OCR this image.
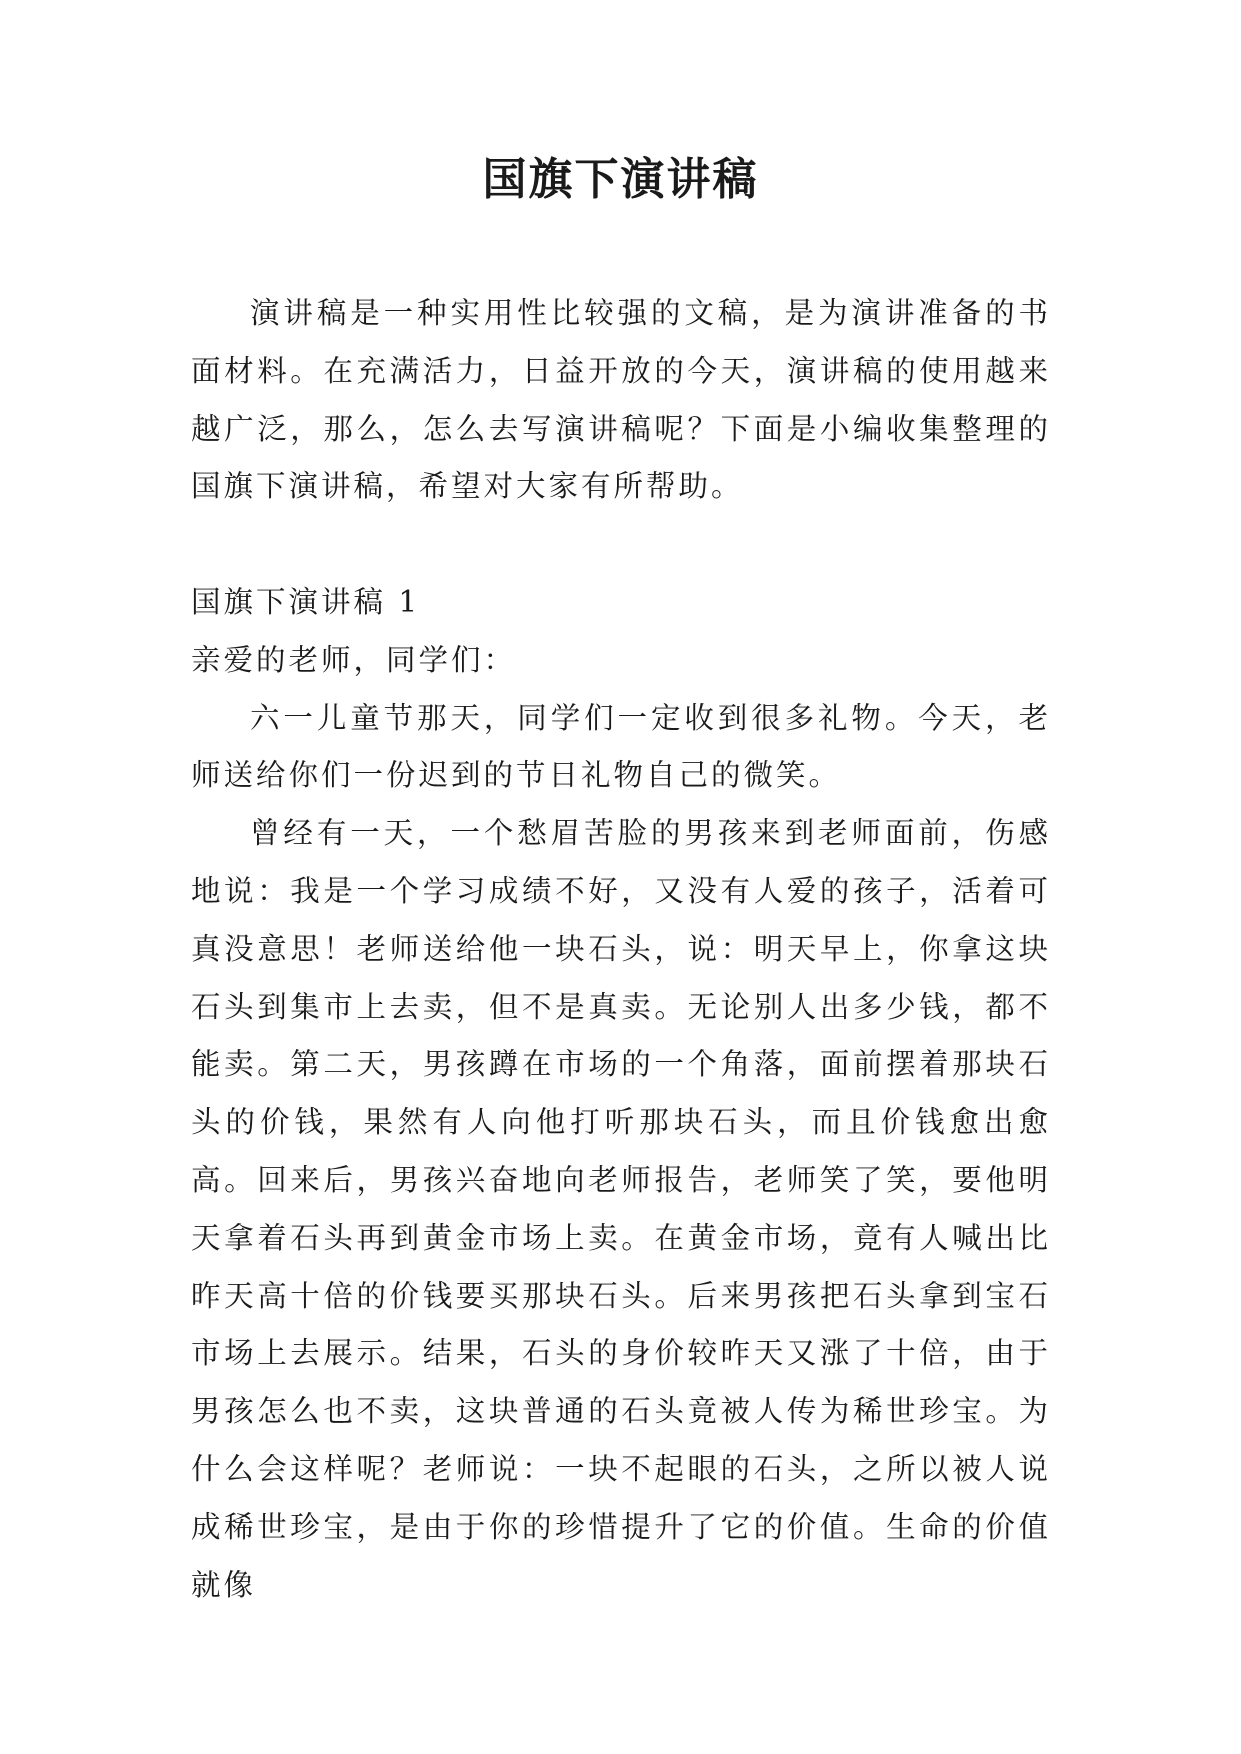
国旗下演讲稿

演讲稿是一种实用性比较强的文稿，是为演讲准备的书面材料。在充满活力，日益开放的今天，演讲稿的使用越来越广泛，那么，怎么去写演讲稿呢？下面是小编收集整理的国旗下演讲稿，希望对大家有所帮助。

国旗下演讲稿 1

亲爱的老师，同学们：

六一儿童节那天，同学们一定收到很多礼物。今天，老师送给你们一份迟到的节日礼物自己的微笑。

曾经有一天，一个愁眉苦脸的男孩来到老师面前，伤感地说：我是一个学习成绩不好，又没有人爱的孩子，活着可真没意思！老师送给他一块石头，说：明天早上，你拿这块石头到集市上去卖，但不是真卖。无论别人出多少钱，都不能卖。第二天，男孩蹲在市场的一个角落，面前摆着那块石头的价钱，果然有人向他打听那块石头，而且价钱愈出愈高。回来后，男孩兴奋地向老师报告，老师笑了笑，要他明天拿着石头再到黄金市场上卖。在黄金市场，竟有人喊出比昨天高十倍的价钱要买那块石头。后来男孩把石头拿到宝石市场上去展示。结果，石头的身价较昨天又涨了十倍，由于男孩怎么也不卖，这块普通的石头竟被人传为稀世珍宝。为什么会这样呢？老师说：一块不起眼的石头，之所以被人说成稀世珍宝，是由于你的珍惜提升了它的价值。生命的价值就像
